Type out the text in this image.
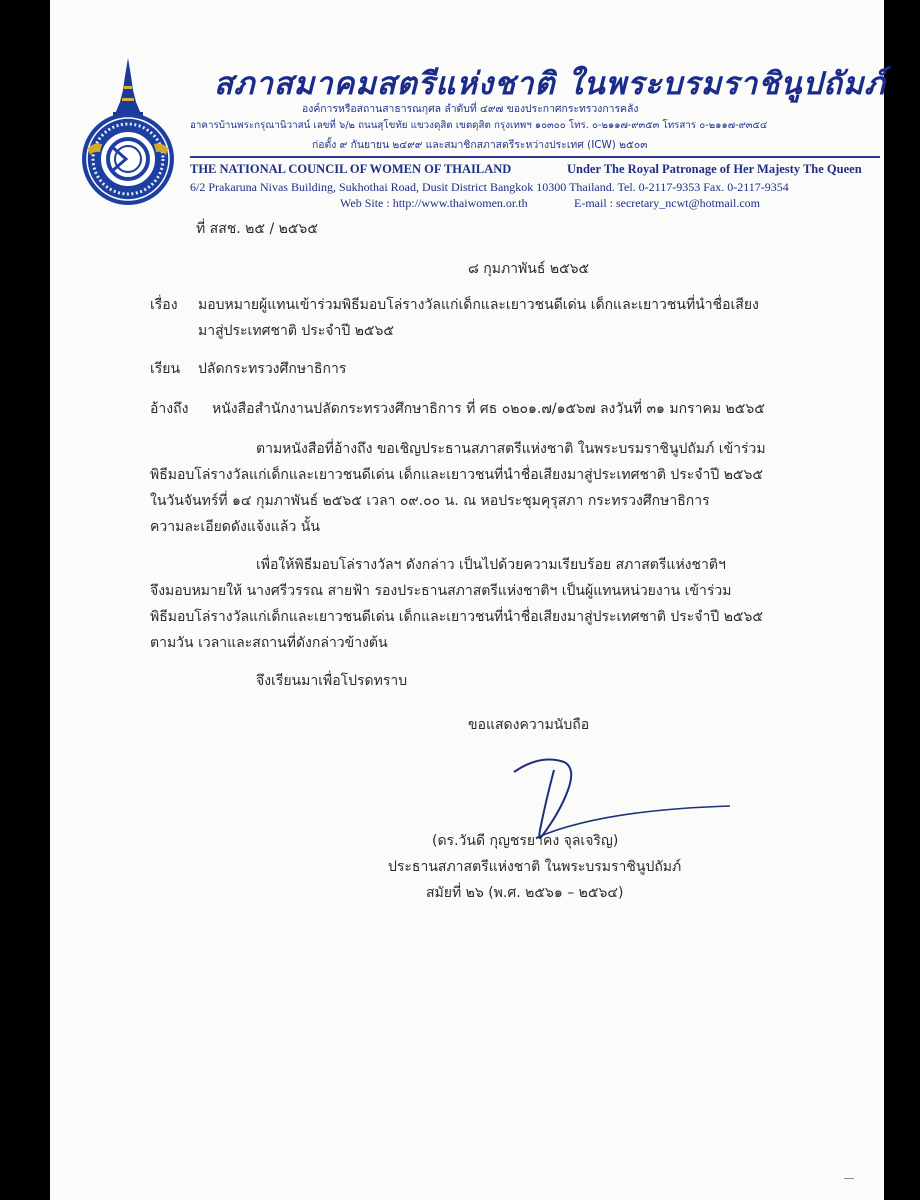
สภาสมาคมสตรีแห่งชาติ ในพระบรมราชินูปถัมภ์
องค์การหรือสถานสาธารณกุศล ลำดับที่ ๔๙๗ ของประกาศกระทรวงการคลัง
อาคารบ้านพระกรุณานิวาสน์ เลขที่ ๖/๒ ถนนสุโขทัย แขวงดุสิต เขตดุสิต กรุงเทพฯ ๑๐๓๐๐ โทร. ๐-๒๑๑๗-๙๓๕๓ โทรสาร ๐-๒๑๑๗-๙๓๕๔
ก่อตั้ง ๙ กันยายน ๒๔๙๙ และสมาชิกสภาสตรีระหว่างประเทศ (ICW) ๒๕๐๓
THE NATIONAL COUNCIL OF WOMEN OF THAILAND	Under The Royal Patronage of Her Majesty The Queen
6/2 Prakaruna Nivas Building, Sukhothai Road, Dusit District Bangkok 10300 Thailand. Tel. 0-2117-9353 Fax. 0-2117-9354
Web Site : http://www.thaiwomen.or.th	E-mail : secretary_ncwt@hotmail.com
ที่ สสช. ๒๕ / ๒๕๖๕
๘ กุมภาพันธ์ ๒๕๖๕
เรื่อง มอบหมายผู้แทนเข้าร่วมพิธีมอบโล่รางวัลแก่เด็กและเยาวชนดีเด่น เด็กและเยาวชนที่นำชื่อเสียง
มาสู่ประเทศชาติ ประจำปี ๒๕๖๕
เรียน ปลัดกระทรวงศึกษาธิการ
อ้างถึง หนังสือสำนักงานปลัดกระทรวงศึกษาธิการ ที่ ศธ ๐๒๐๑.๗/๑๕๖๗ ลงวันที่ ๓๑ มกราคม ๒๕๖๕
ตามหนังสือที่อ้างถึง ขอเชิญประธานสภาสตรีแห่งชาติ ในพระบรมราชินูปถัมภ์ เข้าร่วม
พิธีมอบโล่รางวัลแก่เด็กและเยาวชนดีเด่น เด็กและเยาวชนที่นำชื่อเสียงมาสู่ประเทศชาติ ประจำปี ๒๕๖๕
ในวันจันทร์ที่ ๑๔ กุมภาพันธ์ ๒๕๖๕ เวลา ๐๙.๐๐ น. ณ หอประชุมคุรุสภา กระทรวงศึกษาธิการ
ความละเอียดดังแจ้งแล้ว นั้น
เพื่อให้พิธีมอบโล่รางวัลฯ ดังกล่าว เป็นไปด้วยความเรียบร้อย สภาสตรีแห่งชาติฯ
จึงมอบหมายให้ นางศรีวรรณ สายฟ้า รองประธานสภาสตรีแห่งชาติฯ เป็นผู้แทนหน่วยงาน เข้าร่วม
พิธีมอบโล่รางวัลแก่เด็กและเยาวชนดีเด่น เด็กและเยาวชนที่นำชื่อเสียงมาสู่ประเทศชาติ ประจำปี ๒๕๖๕
ตามวัน เวลาและสถานที่ดังกล่าวข้างต้น
จึงเรียนมาเพื่อโปรดทราบ
ขอแสดงความนับถือ
(ดร.วันดี กุญชรยาคง จุลเจริญ)
ประธานสภาสตรีแห่งชาติ ในพระบรมราชินูปถัมภ์
สมัยที่ ๒๖ (พ.ศ. ๒๕๖๑ – ๒๕๖๔)
